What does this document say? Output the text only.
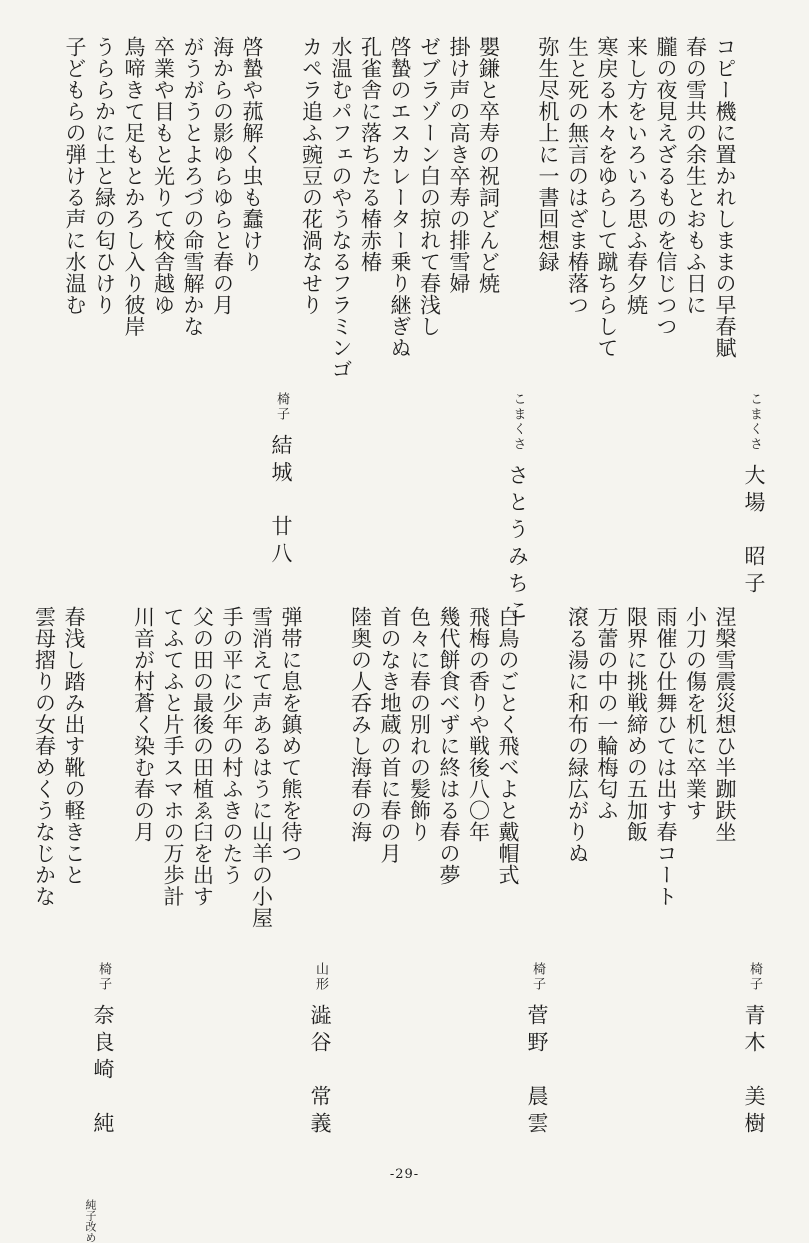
こまくさ
大場　昭子
コピー機に置かれしままの早春賦
春の雪共の余生とおもふ日に
朧の夜見えざるものを信じつつ
来し方をいろいろ思ふ春夕焼
寒戻る木々をゆらして蹴ちらして
生と死の無言のはざま椿落つ
弥生尽机上に一書回想録
こまくさ
さとうみちこ
嬰鎌と卒寿の祝詞どんど焼
掛け声の高き卒寿の排雪婦
ゼブラゾーン白の掠れて春浅し
啓蟄のエスカレーター乗り継ぎぬ
孔雀舎に落ちたる椿赤椿
水温むパフェのやうなるフラミンゴ
カペラ追ふ豌豆の花渦なせり
椅子
結城　廿八
啓蟄や菰解く虫も蠢けり
海からの影ゆらゆらと春の月
がうがうとよろづの命雪解かな
卒業や目もと光りて校舎越ゆ
鳥啼きて足もとかろし入り彼岸
うららかに土と緑の匂ひけり
子どもらの弾ける声に水温む
椅子
青木　美樹
涅槃雪震災想ひ半跏趺坐
小刀の傷を机に卒業す
雨催ひ仕舞ひては出す春コート
限界に挑戦締めの五加飯
万蕾の中の一輪梅匂ふ
滾る湯に和布の緑広がりぬ
椅子
菅野　晨雲
白鳥のごとく飛べよと戴帽式
飛梅の香りや戦後八〇年
幾代餅食べずに終はる春の夢
色々に春の別れの髪飾り
首のなき地蔵の首に春の月
陸奥の人呑みし海春の海
山形
澁谷　常義
弾帯に息を鎮めて熊を待つ
雪消えて声あるはうに山羊の小屋
手の平に少年の村ふきのたう
父の田の最後の田植ゑ臼を出す
てふてふと片手スマホの万歩計
川音が村蒼く染む春の月
椅子
奈良崎　純
純子改め
春浅し踏み出す靴の軽きこと
雲母摺りの女春めくうなじかな
-29-
